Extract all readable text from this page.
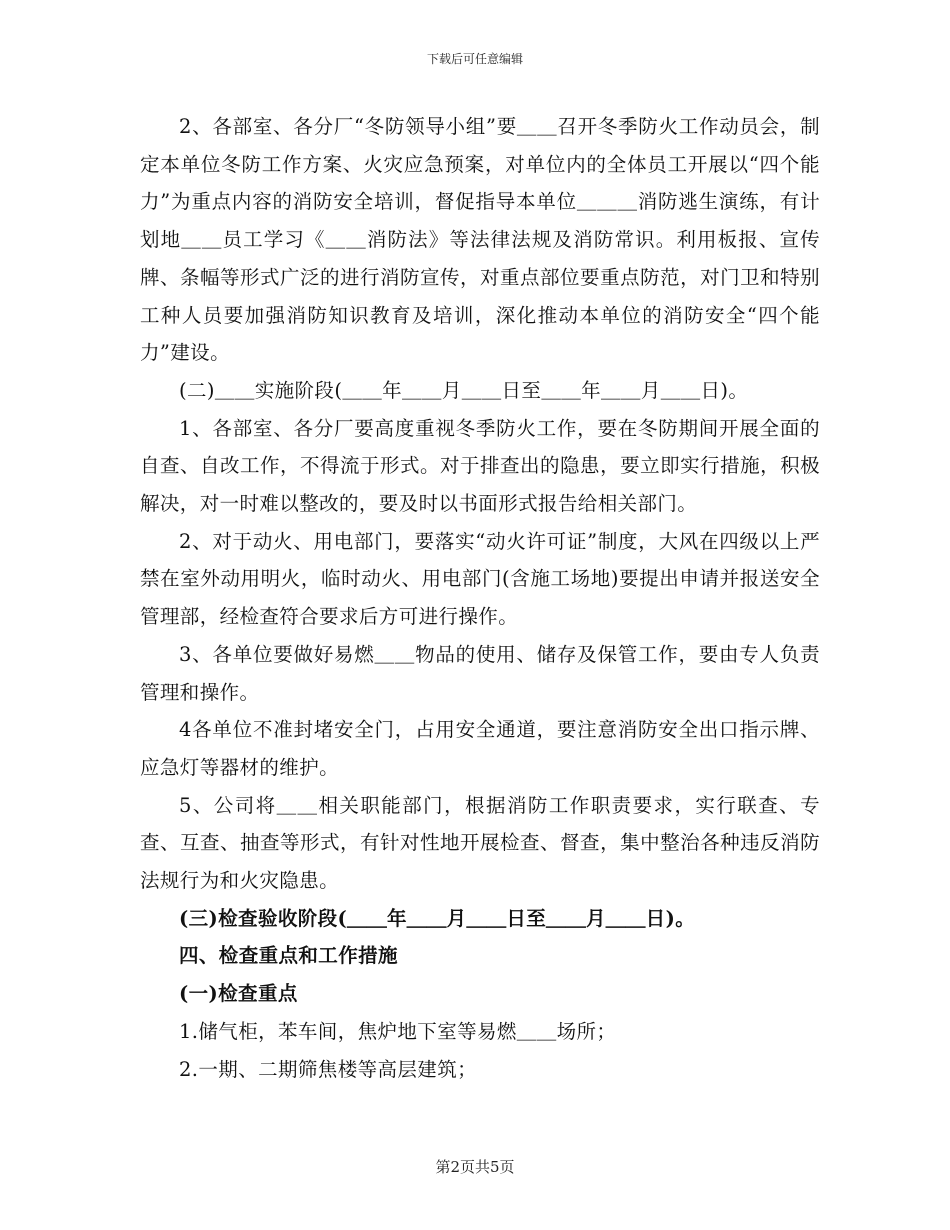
下载后可任意编辑

2、各部室、各分厂“冬防领导小组”要＿＿召开冬季防火工作动员会，制定本单位冬防工作方案、火灾应急预案，对单位内的全体员工开展以“四个能力”为重点内容的消防安全培训，督促指导本单位＿＿＿消防逃生演练，有计划地＿＿员工学习《＿＿消防法》等法律法规及消防常识。利用板报、宣传牌、条幅等形式广泛的进行消防宣传，对重点部位要重点防范，对门卫和特别工种人员要加强消防知识教育及培训，深化推动本单位的消防安全“四个能力”建设。

(二)＿＿实施阶段(＿＿年＿＿月＿＿日至＿＿年＿＿月＿＿日)。

1、各部室、各分厂要高度重视冬季防火工作，要在冬防期间开展全面的自查、自改工作，不得流于形式。对于排查出的隐患，要立即实行措施，积极解决，对一时难以整改的，要及时以书面形式报告给相关部门。

2、对于动火、用电部门，要落实“动火许可证”制度，大风在四级以上严禁在室外动用明火，临时动火、用电部门(含施工场地)要提出申请并报送安全管理部，经检查符合要求后方可进行操作。

3、各单位要做好易燃＿＿物品的使用、储存及保管工作，要由专人负责管理和操作。

4各单位不准封堵安全门，占用安全通道，要注意消防安全出口指示牌、应急灯等器材的维护。

5、公司将＿＿相关职能部门，根据消防工作职责要求，实行联查、专查、互查、抽查等形式，有针对性地开展检查、督查，集中整治各种违反消防法规行为和火灾隐患。

(三)检查验收阶段(＿＿年＿＿月＿＿日至＿＿月＿＿日)。

四、检查重点和工作措施

(一)检查重点

1.储气柜，苯车间，焦炉地下室等易燃＿＿场所；

2.一期、二期筛焦楼等高层建筑；

第2页共5页
